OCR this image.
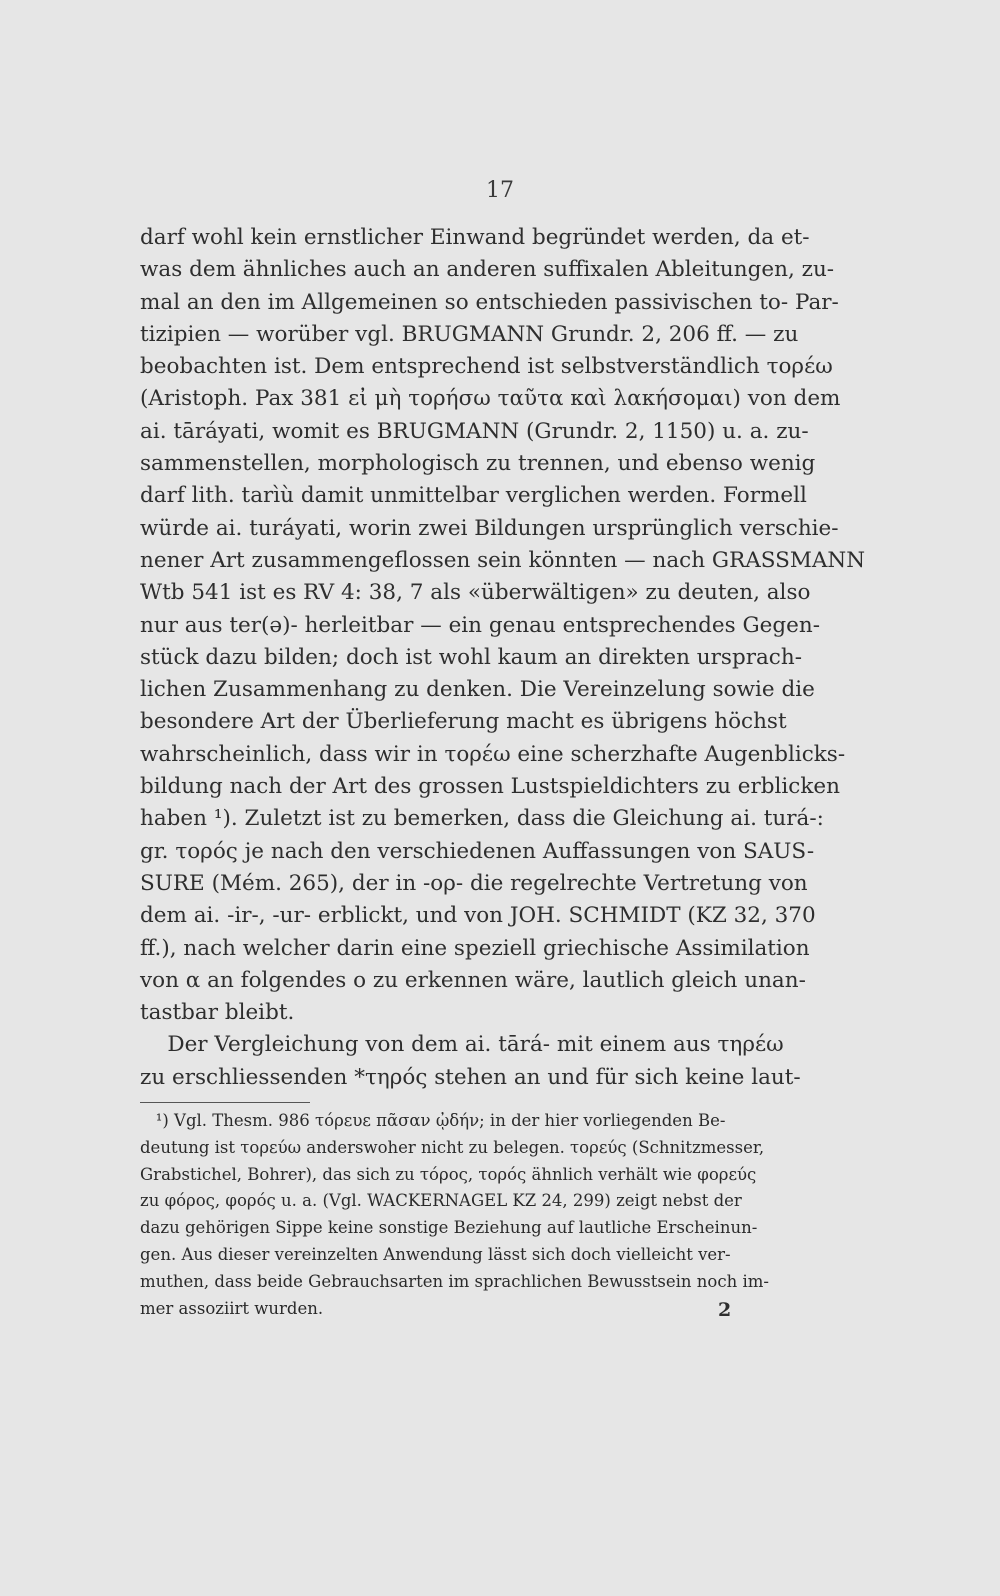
17
darf wohl kein ernstlicher Einwand begründet werden, da et-
was dem ähnliches auch an anderen suffixalen Ableitungen, zu-
mal an den im Allgemeinen so entschieden passivischen to- Par-
tizipien — worüber vgl. BRUGMANN Grundr. 2, 206 ff. — zu
beobachten ist. Dem entsprechend ist selbstverständlich τορέω
(Aristoph. Pax 381 εἰ μὴ τορήσω ταῦτα καὶ λακήσομαι) von dem
ai. tāráyati, womit es BRUGMANN (Grundr. 2, 1150) u. a. zu-
sammenstellen, morphologisch zu trennen, und ebenso wenig
darf lith. tarìù damit unmittelbar verglichen werden. Formell
würde ai. turáyati, worin zwei Bildungen ursprünglich verschie-
nener Art zusammengeflossen sein könnten — nach GRASSMANN
Wtb 541 ist es RV 4: 38, 7 als «überwältigen» zu deuten, also
nur aus ter(ə)- herleitbar — ein genau entsprechendes Gegen-
stück dazu bilden; doch ist wohl kaum an direkten ursprach-
lichen Zusammenhang zu denken. Die Vereinzelung sowie die
besondere Art der Überlieferung macht es übrigens höchst
wahrscheinlich, dass wir in τορέω eine scherzhafte Augenblicks-
bildung nach der Art des grossen Lustspieldichters zu erblicken
haben ¹). Zuletzt ist zu bemerken, dass die Gleichung ai. turá-:
gr. τορός je nach den verschiedenen Auffassungen von SAUS-
SURE (Mém. 265), der in -ορ- die regelrechte Vertretung von
dem ai. -ir-, -ur- erblickt, und von JOH. SCHMIDT (KZ 32, 370
ff.), nach welcher darin eine speziell griechische Assimilation
von α an folgendes ο zu erkennen wäre, lautlich gleich unan-
tastbar bleibt.
Der Vergleichung von dem ai. tārá- mit einem aus τηρέω
zu erschliessenden *τηρός stehen an und für sich keine laut-
¹) Vgl. Thesm. 986 τόρευε πᾶσαν ᾠδήν; in der hier vorliegenden Be-
deutung ist τορεύω anderswoher nicht zu belegen. τορεύς (Schnitzmesser,
Grabstichel, Bohrer), das sich zu τόρος, τορός ähnlich verhält wie φορεύς
zu φόρος, φορός u. a. (Vgl. WACKERNAGEL KZ 24, 299) zeigt nebst der
dazu gehörigen Sippe keine sonstige Beziehung auf lautliche Erscheinun-
gen. Aus dieser vereinzelten Anwendung lässt sich doch vielleicht ver-
muthen, dass beide Gebrauchsarten im sprachlichen Bewusstsein noch im-
mer assoziirt wurden.	2
